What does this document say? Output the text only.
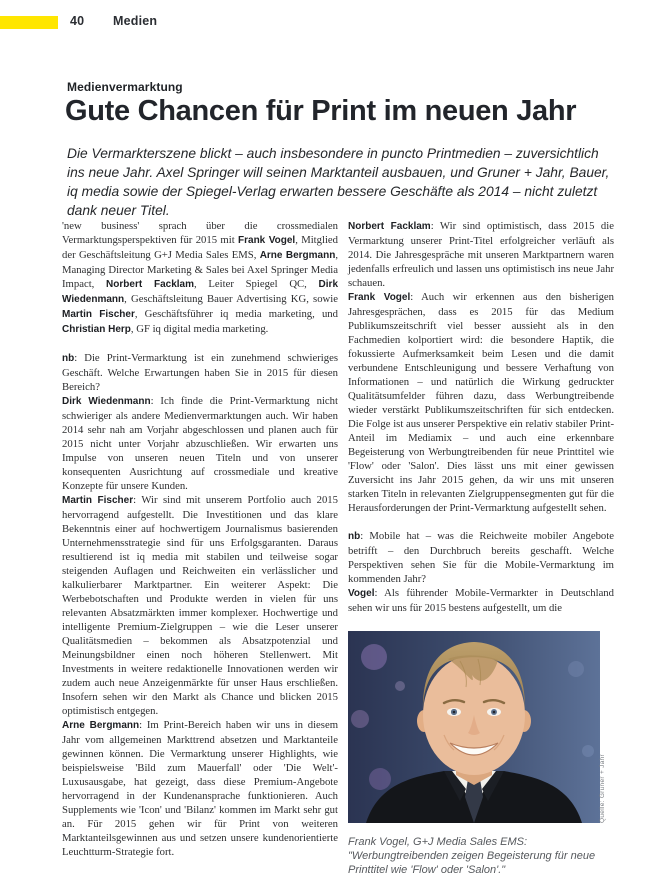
40 Medien
Medienvermarktung
Gute Chancen für Print im neuen Jahr

Die Vermarkterszene blickt – auch insbesondere in puncto Printmedien – zuversichtlich ins neue Jahr. Axel Springer will seinen Marktanteil ausbauen, und Gruner + Jahr, Bauer, iq media sowie der Spiegel-Verlag erwarten bessere Geschäfte als 2014 – nicht zuletzt dank neuer Titel.

'new business' sprach über die crossmedialen Vermarktungsperspektiven für 2015 mit Frank Vogel, Mitglied der Geschäftsleitung G+J Media Sales EMS, Arne Bergmann, Managing Director Marketing & Sales bei Axel Springer Media Impact, Norbert Facklam, Leiter Spiegel QC, Dirk Wiedenmann, Geschäftsleitung Bauer Advertising KG, sowie Martin Fischer, Geschäftsführer iq media marketing, und Christian Herp, GF iq digital media marketing.

nb: Die Print-Vermarktung ist ein zunehmend schwieriges Geschäft. Welche Erwartungen haben Sie in 2015 für diesen Bereich?

Dirk Wiedenmann: Ich finde die Print-Vermarktung nicht schwieriger als andere Medienvermarktungen auch. Wir haben 2014 sehr nah am Vorjahr abgeschlossen und planen auch für 2015 nicht unter Vorjahr abzuschließen. Wir erwarten uns Impulse von unseren neuen Titeln und von unserer konsequenten Ausrichtung auf crossmediale und kreative Konzepte für unsere Kunden.

Martin Fischer: Wir sind mit unserem Portfolio auch 2015 hervorragend aufgestellt. Die Investitionen und das klare Bekenntnis einer auf hochwertigem Journalismus basierenden Unternehmensstrategie sind für uns Erfolgsgaranten. Daraus resultierend ist iq media mit stabilen und teilweise sogar steigenden Auflagen und Reichweiten ein verlässlicher und kalkulierbarer Marktpartner. Ein weiterer Aspekt: Die Werbebotschaften und Produkte werden in vielen für uns relevanten Absatzmärkten immer komplexer. Hochwertige und intelligente Premium-Zielgruppen – wie die Leser unserer Qualitätsmedien – bekommen als Absatzpotenzial und Meinungsbildner einen noch höheren Stellenwert. Mit Investments in weitere redaktionelle Innovationen werden wir zudem auch neue Anzeigenmärkte für unser Haus erschließen. Insofern sehen wir den Markt als Chance und blicken 2015 optimistisch entgegen.

Arne Bergmann: Im Print-Bereich haben wir uns in diesem Jahr vom allgemeinen Markttrend absetzen und Marktanteile gewinnen können. Die Vermarktung unserer Highlights, wie beispielsweise 'Bild zum Mauerfall' oder 'Die Welt'-Luxusausgabe, hat gezeigt, dass diese Premium-Angebote hervorragend in der Kundenansprache funktionieren. Auch Supplements wie 'Icon' und 'Bilanz' kommen im Markt sehr gut an. Für 2015 gehen wir für Print von weiteren Marktanteilsgewinnen aus und setzen unsere kundenorientierte Leuchtturm-Strategie fort.

Norbert Facklam: Wir sind optimistisch, dass 2015 die Vermarktung unserer Print-Titel erfolgreicher verläuft als 2014. Die Jahresgespräche mit unseren Marktpartnern waren jedenfalls erfreulich und lassen uns optimistisch ins neue Jahr schauen.

Frank Vogel: Auch wir erkennen aus den bisherigen Jahresgesprächen, dass es 2015 für das Medium Publikumszeitschrift viel besser aussieht als in den Fachmedien kolportiert wird: die besondere Haptik, die fokussierte Aufmerksamkeit beim Lesen und die damit verbundene Entschleunigung und bessere Verhaftung von Informationen – und natürlich die Wirkung gedruckter Qualitätsumfelder führen dazu, dass Werbungtreibende wieder verstärkt Publikumszeitschriften für sich entdecken. Die Folge ist aus unserer Perspektive ein relativ stabiler Print-Anteil im Mediamix – und auch eine erkennbare Begeisterung von Werbungtreibenden für neue Printtitel wie 'Flow' oder 'Salon'. Dies lässt uns mit einer gewissen Zuversicht ins Jahr 2015 gehen, da wir uns mit unseren starken Titeln in relevanten Zielgruppensegmenten gut für die Herausforderungen der Print-Vermarktung aufgestellt sehen.

nb: Mobile hat – was die Reichweite mobiler Angebote betrifft – den Durchbruch bereits geschafft. Welche Perspektiven sehen Sie für die Mobile-Vermarktung im kommenden Jahr?

Vogel: Als führender Mobile-Vermarkter in Deutschland sehen wir uns für 2015 bestens aufgestellt, um die

Quelle: Gruner + Jahr
Frank Vogel, G+J Media Sales EMS: "Werbungtreibenden zeigen Begeisterung für neue Printtitel wie 'Flow' oder 'Salon'."
